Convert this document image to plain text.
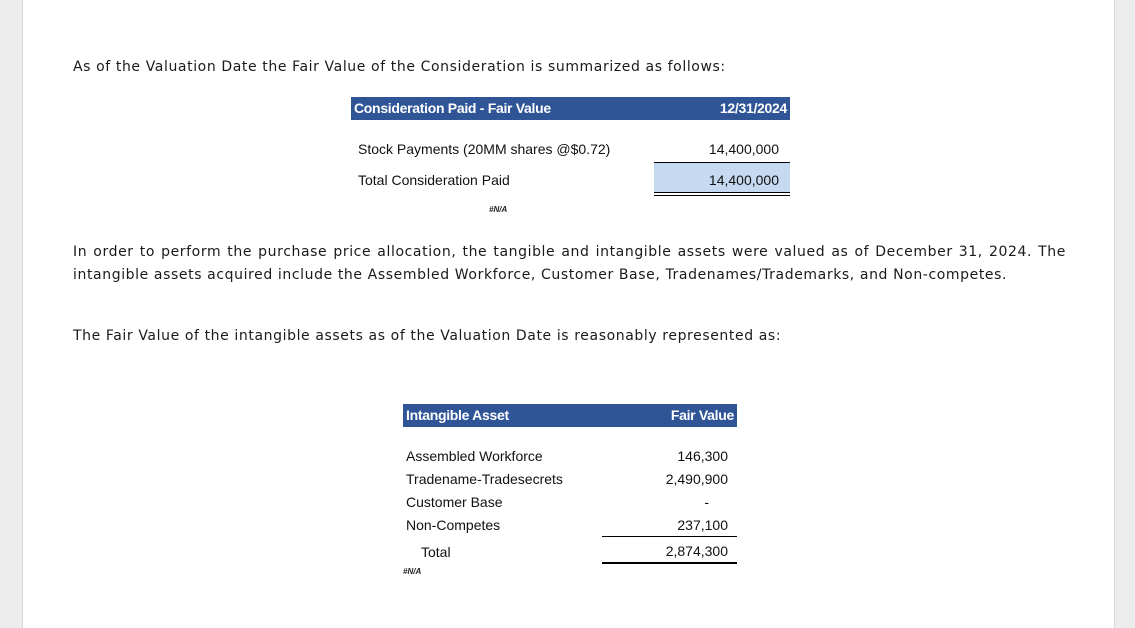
As of the Valuation Date the Fair Value of the Consideration is summarized as follows:

Consideration Paid - Fair Value	12/31/2024
Stock Payments (20MM shares @$0.72)	14,400,000
Total Consideration Paid	14,400,000
#N/A

In order to perform the purchase price allocation, the tangible and intangible assets were valued as of December 31, 2024. The intangible assets acquired include the Assembled Workforce, Customer Base, Tradenames/Trademarks, and Non-competes.

The Fair Value of the intangible assets as of the Valuation Date is reasonably represented as:

Intangible Asset	Fair Value
Assembled Workforce	146,300
Tradename-Tradesecrets	2,490,900
Customer Base	-
Non-Competes	237,100
Total	2,874,300
#N/A
